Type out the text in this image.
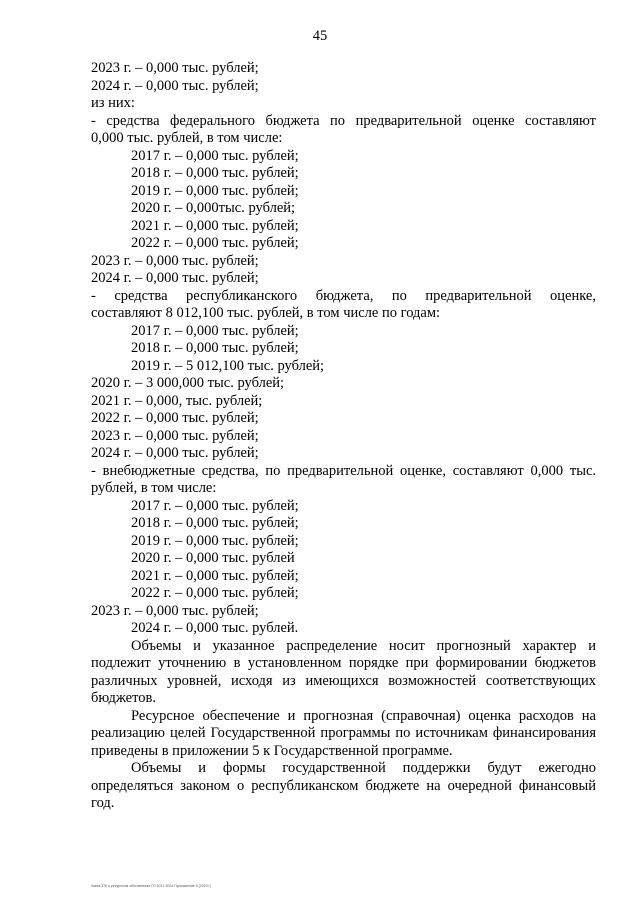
45
2023 г. – 0,000 тыс. рублей;
2024 г. – 0,000 тыс. рублей;
из них:
- средства федерального бюджета по предварительной оценке составляют
0,000 тыс. рублей, в том числе:
2017 г. – 0,000 тыс. рублей;
2018 г. – 0,000 тыс. рублей;
2019 г. – 0,000 тыс. рублей;
2020 г. – 0,000тыс. рублей;
2021 г. – 0,000 тыс. рублей;
2022 г. – 0,000 тыс. рублей;
2023 г. – 0,000 тыс. рублей;
2024 г. – 0,000 тыс. рублей;
- средства республиканского бюджета, по предварительной оценке,
составляют 8 012,100 тыс. рублей, в том числе по годам:
2017 г. – 0,000 тыс. рублей;
2018 г. – 0,000 тыс. рублей;
2019 г. – 5 012,100 тыс. рублей;
2020 г. – 3 000,000 тыс. рублей;
2021 г. – 0,000, тыс. рублей;
2022 г. – 0,000 тыс. рублей;
2023 г. – 0,000 тыс. рублей;
2024 г. – 0,000 тыс. рублей;
- внебюджетные средства, по предварительной оценке, составляют 0,000 тыс.
рублей, в том числе:
2017 г. – 0,000 тыс. рублей;
2018 г. – 0,000 тыс. рублей;
2019 г. – 0,000 тыс. рублей;
2020 г. – 0,000 тыс. рублей
2021 г. – 0,000 тыс. рублей;
2022 г. – 0,000 тыс. рублей;
2023 г. – 0,000 тыс. рублей;
2024 г. – 0,000 тыс. рублей.

Объемы и указанное распределение носит прогнозный характер и подлежит уточнению в установленном порядке при формировании бюджетов различных уровней, исходя из имеющихся возможностей соответствующих бюджетов.

Ресурсное обеспечение и прогнозная (справочная) оценка расходов на реализацию целей Государственной программы по источникам финансирования приведены в приложении 5 к Государственной программе.

Объемы и формы государственной поддержки будут ежегодно определяться законом о республиканском бюджете на очередной финансовый год.

Заказ 176 о ресурсном обеспечении ГП 2017-2024 Приложение 5 (2019 г)
